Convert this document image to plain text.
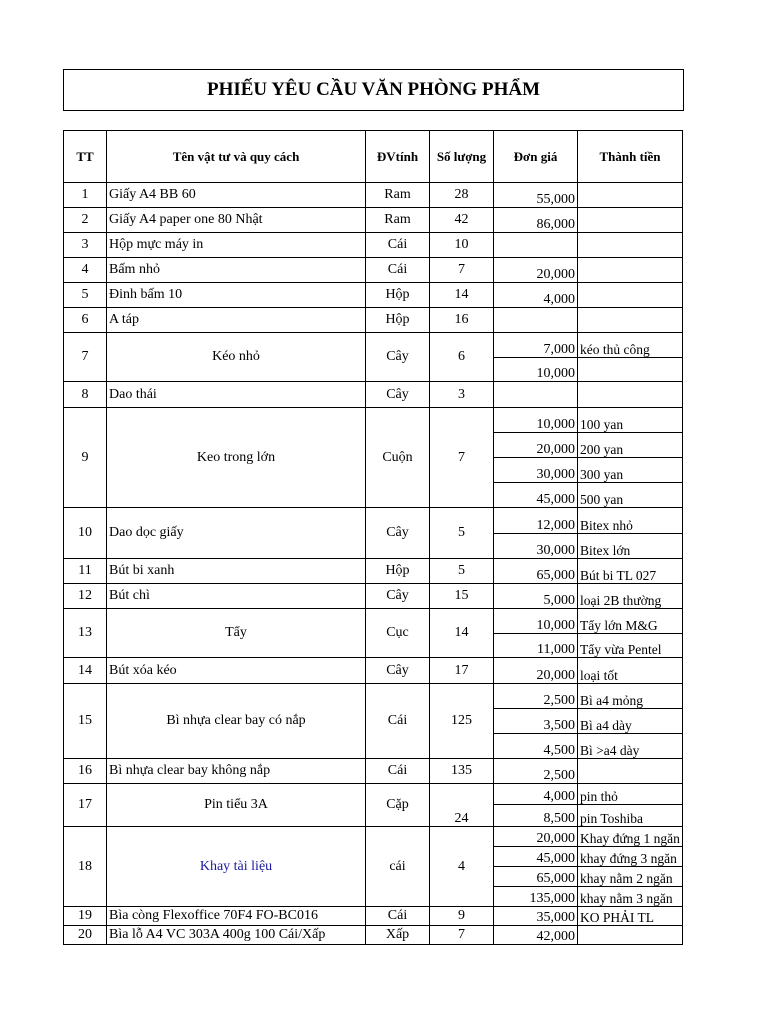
PHIẾU YÊU CẦU VĂN PHÒNG PHẨM
TT	Tên vật tư và quy cách	ĐVtính	Số lượng	Đơn giá	Thành tiền
1	Giấy A4 BB 60	Ram	28	55,000	
2	Giấy A4 paper one 80 Nhật	Ram	42	86,000	
3	Hộp mực máy in	Cái	10		
4	Bấm nhỏ	Cái	7	20,000	
5	Đinh bấm 10	Hộp	14	4,000	
6	A táp	Hộp	16		
7	Kéo nhỏ	Cây	6	7,000	kéo thủ công
				10,000	
8	Dao thái	Cây	3		
9	Keo trong lớn	Cuộn	7	10,000	100 yan
				20,000	200 yan
				30,000	300 yan
				45,000	500 yan
10	Dao dọc giấy	Cây	5	12,000	Bitex nhỏ
				30,000	Bitex lớn
11	Bút bi xanh	Hộp	5	65,000	Bút bi TL 027
12	Bút chì	Cây	15	5,000	loại 2B thường
13	Tẩy	Cục	14	10,000	Tẩy lớn M&G
				11,000	Tẩy vừa Pentel
14	Bút xóa kéo	Cây	17	20,000	loại tốt
15	Bì nhựa clear bay có nắp	Cái	125	2,500	Bì a4 mỏng
				3,500	Bì a4 dày
				4,500	Bì >a4 dày
16	Bì nhựa clear bay không nắp	Cái	135	2,500	
17	Pin tiểu 3A	Cặp	24	4,000	pin thỏ
				8,500	pin Toshiba
18	Khay tài liệu	cái	4	20,000	Khay đứng 1 ngăn
				45,000	khay đứng 3 ngăn
				65,000	khay nằm 2 ngăn
				135,000	khay nằm 3 ngăn
19	Bìa còng Flexoffice 70F4 FO-BC016	Cái	9	35,000	KO PHẢI TL
20	Bìa lỗ A4 VC 303A 400g 100 Cái/Xấp	Xấp	7	42,000	
